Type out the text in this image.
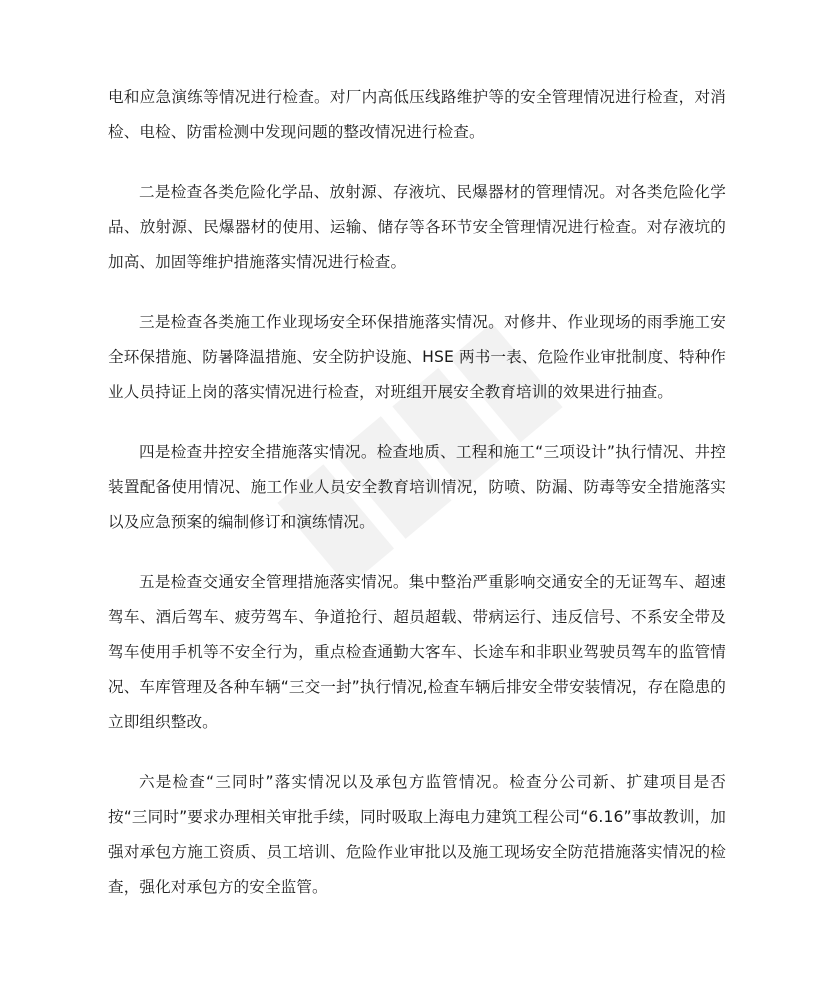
电和应急演练等情况进行检查。对厂内高低压线路维护等的安全管理情况进行检查，对消检、电检、防雷检测中发现问题的整改情况进行检查。

二是检查各类危险化学品、放射源、存液坑、民爆器材的管理情况。对各类危险化学品、放射源、民爆器材的使用、运输、储存等各环节安全管理情况进行检查。对存液坑的加高、加固等维护措施落实情况进行检查。

三是检查各类施工作业现场安全环保措施落实情况。对修井、作业现场的雨季施工安全环保措施、防暑降温措施、安全防护设施、HSE 两书一表、危险作业审批制度、特种作业人员持证上岗的落实情况进行检查，对班组开展安全教育培训的效果进行抽查。

四是检查井控安全措施落实情况。检查地质、工程和施工“三项设计”执行情况、井控装置配备使用情况、施工作业人员安全教育培训情况，防喷、防漏、防毒等安全措施落实以及应急预案的编制修订和演练情况。

五是检查交通安全管理措施落实情况。集中整治严重影响交通安全的无证驾车、超速驾车、酒后驾车、疲劳驾车、争道抢行、超员超载、带病运行、违反信号、不系安全带及驾车使用手机等不安全行为，重点检查通勤大客车、长途车和非职业驾驶员驾车的监管情况、车库管理及各种车辆“三交一封”执行情况,检查车辆后排安全带安装情况，存在隐患的立即组织整改。

六是检查“三同时”落实情况以及承包方监管情况。检查分公司新、扩建项目是否按“三同时”要求办理相关审批手续，同时吸取上海电力建筑工程公司“6.16”事故教训，加强对承包方施工资质、员工培训、危险作业审批以及施工现场安全防范措施落实情况的检查，强化对承包方的安全监管。
